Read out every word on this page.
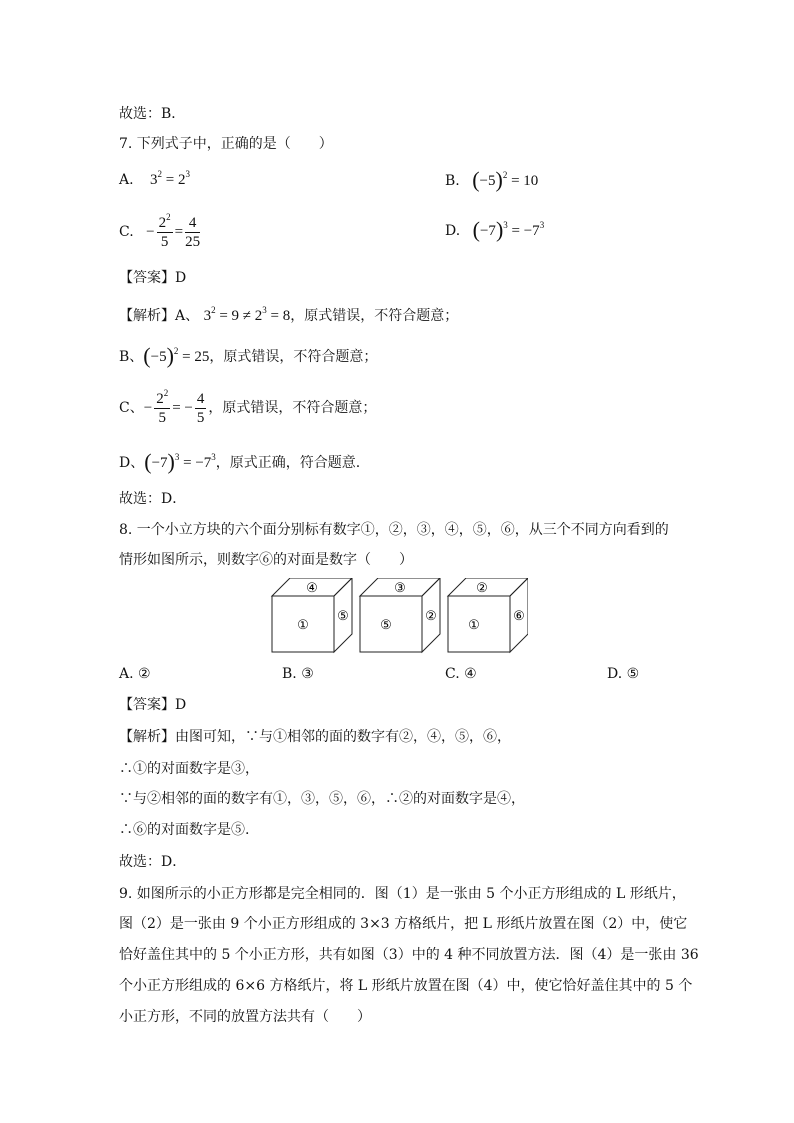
故选：B．
7. 下列式子中，正确的是（　　）
A. $3^2 = 2^3$	B. $(-5)^2 = 10$
C. − $\frac{2^2}{5} = \frac{4}{25}$	D. $(-7)^3 = -7^3$
【答案】D
【解析】A、 $3^2 = 9 \ne 2^3 = 8$，原式错误，不符合题意；
B、$(-5)^2 = 25$，原式错误，不符合题意；
C、− $\frac{2^2}{5}$ = − $\frac{4}{5}$ ，原式错误，不符合题意；
D、$(-7)^3 = -7^3$，原式正确，符合题意.
故选：D．
8. 一个小立方块的六个面分别标有数字①，②，③，④，⑤，⑥，从三个不同方向看到的
情形如图所示，则数字⑥的对面是数字（　　）
④
①
⑤
③
⑤
②
②
①
⑥
A. ②	B. ③	C. ④	D. ⑤
【答案】D
【解析】由图可知，∵与①相邻的面的数字有②，④，⑤，⑥，
∴①的对面数字是③，
∵与②相邻的面的数字有①，③，⑤，⑥，∴②的对面数字是④，
∴⑥的对面数字是⑤.
故选：D．
9. 如图所示的小正方形都是完全相同的．图（1）是一张由 5 个小正方形组成的 L 形纸片，
图（2）是一张由 9 个小正方形组成的 3×3 方格纸片，把 L 形纸片放置在图（2）中，使它
恰好盖住其中的 5 个小正方形，共有如图（3）中的 4 种不同放置方法．图（4）是一张由 36
个小正方形组成的 6×6 方格纸片，将 L 形纸片放置在图（4）中，使它恰好盖住其中的 5 个
小正方形，不同的放置方法共有（　　）
